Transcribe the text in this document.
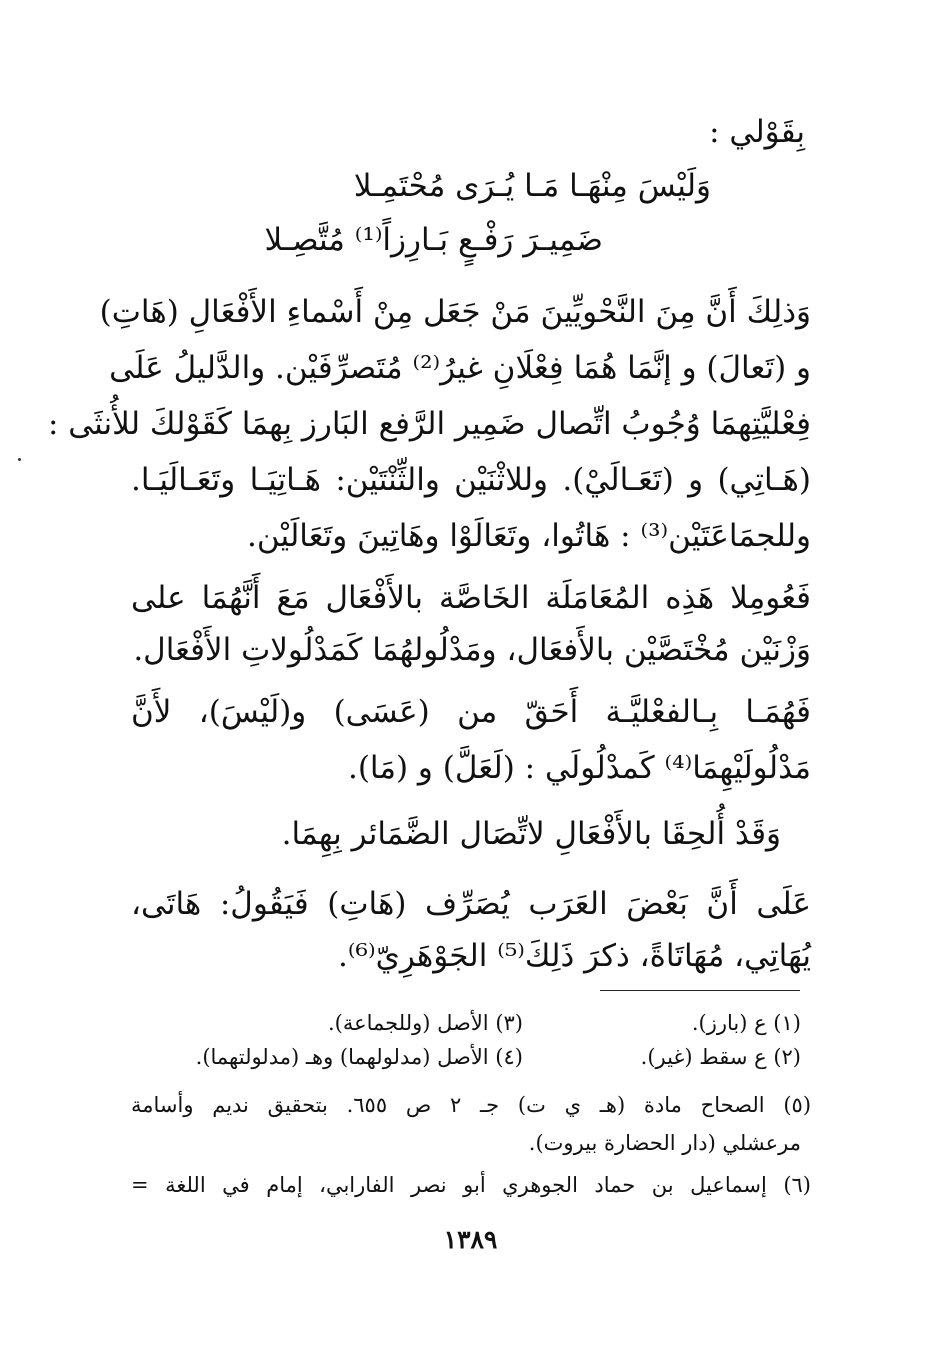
بِقَوْلي :
وَلَيْسَ مِنْهَـا مَـا يُـرَى مُحْتَمِـلا
ضَمِيـرَ رَفْـعٍ بَـارِزاً⁽¹⁾ مُتَّصِـلا
وَذلِكَ أَنَّ مِنَ النَّحْويِّينَ مَنْ جَعَل مِنْ أَسْماءِ الأَفْعَالِ (هَاتِ)
و (تَعالَ) و إنَّمَا هُمَا فِعْلَانِ غيرُ⁽²⁾ مُتَصرِّفَيْن. والدَّليلُ عَلَى
فِعْليَّتِهمَا وُجُوبُ اتِّصال ضَمِير الرَّفع البَارز بِهمَا كَقَوْلكَ للأُنثَى :
(هَـاتِي) و (تَعَـالَيْ). وللاثْنَيْن والثِّنْتَيْن: هَـاتِيَـا وتَعَـالَيَـا.
وللجمَاعَتَيْن⁽³⁾ : هَاتُوا، وتَعَالَوْا وهَاتِينَ وتَعَالَيْن.
فَعُومِلا هَذِه المُعَامَلَة الخَاصَّة بالأَفْعَال مَعَ أَنَّهُمَا على
وَزْنَيْن مُخْتَصَّيْن بالأَفعَال، ومَدْلُولهُمَا كَمَدْلُولاتِ الأَفْعَال.
فَهُمَـا بِـالفعْليَّـة أَحَقّ من (عَسَى) و(لَيْسَ)، لأَنَّ
مَدْلُولَيْهِمَا⁽⁴⁾ كَمدْلُولَي : (لَعَلَّ) و (مَا).
وَقَدْ أُلحِقَا بالأَفْعَالِ لاتِّصَال الضَّمَائر بِهِمَا.
عَلَى أَنَّ بَعْضَ العَرَب يُصَرِّف (هَاتِ) فَيَقُولُ: هَاتَى،
يُهَاتِي، مُهَاتَاةً، ذكرَ ذَلِكَ⁽⁵⁾ الجَوْهَرِيّ⁽⁶⁾.
(١) ع (بارز).
(٣) الأصل (وللجماعة).
(٢) ع سقط (غير).
(٤) الأصل (مدلولهما) وهـ (مدلولتهما).
(٥) الصحاح مادة (هـ ي ت) جـ ٢ ص ٦٥٥. بتحقيق نديم وأسامة
مرعشلي (دار الحضارة بيروت).
(٦) إسماعيل بن حماد الجوهري أبو نصر الفارابي، إمام في اللغة =
١٣٨٩
